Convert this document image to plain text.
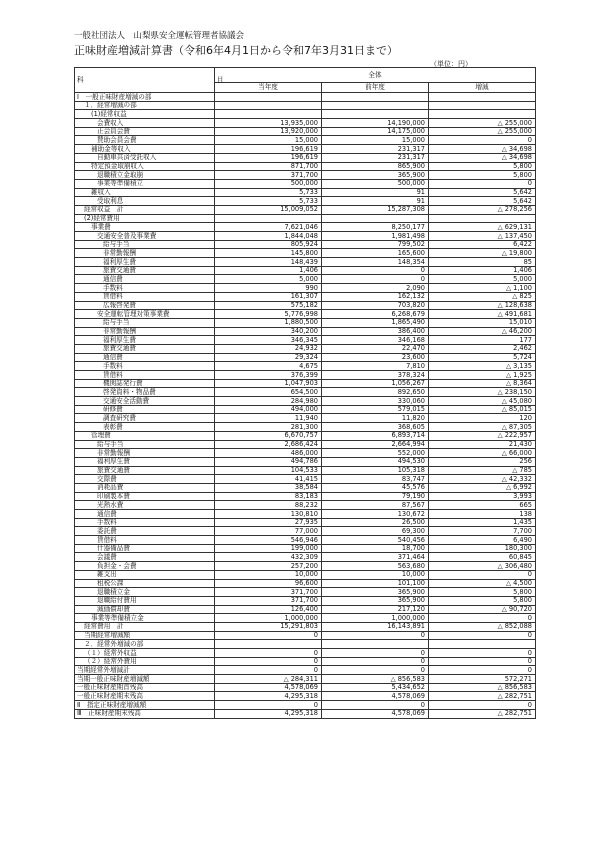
一般社団法人　山梨県安全運転管理者協議会
正味財産増減計算書（令和6年4月1日から令和7年3月31日まで）
（単位：円）
科　　目	全体		
	当年度	前年度	増減
Ⅰ　一般正味財産増減の部			
１．経常増減の部			
(1)経常収益			
会費収入	13,935,000	14,190,000	△ 255,000
正会員会費	13,920,000	14,175,000	△ 255,000
賛助会員会費	15,000	15,000	0
補助金等収入	196,619	231,317	△ 34,698
自動車共済受託収入	196,619	231,317	△ 34,698
特定預金取崩収入	871,700	865,900	5,800
退職積立金取崩	371,700	365,900	5,800
事業等準備積立	500,000	500,000	0
雑収入	5,733	91	5,642
受取利息	5,733	91	5,642
経常収益　計	15,009,052	15,287,308	△ 278,256
(2)経常費用			
事業費	7,621,046	8,250,177	△ 629,131
交通安全普及事業費	1,844,048	1,981,498	△ 137,450
給与手当	805,924	799,502	6,422
非常勤報酬	145,800	165,600	△ 19,800
福利厚生費	148,439	148,354	85
旅費交通費	1,406	0	1,406
通信費	5,000	0	5,000
手数料	990	2,090	△ 1,100
賃借料	161,307	162,132	△ 825
広報啓発費	575,182	703,820	△ 128,638
安全運転管理対策事業費	5,776,998	6,268,679	△ 491,681
給与手当	1,880,500	1,865,490	15,010
非常勤報酬	340,200	386,400	△ 46,200
福利厚生費	346,345	346,168	177
旅費交通費	24,932	22,470	2,462
通信費	29,324	23,600	5,724
手数料	4,675	7,810	△ 3,135
賃借料	376,399	378,324	△ 1,925
機関誌発行費	1,047,903	1,056,267	△ 8,364
啓発資料・物品費	654,500	892,650	△ 238,150
交通安全活動費	284,980	330,060	△ 45,080
研修費	494,000	579,015	△ 85,015
調査研究費	11,940	11,820	120
表彰費	281,300	368,605	△ 87,305
管理費	6,670,757	6,893,714	△ 222,957
給与手当	2,686,424	2,664,994	21,430
非常勤報酬	486,000	552,000	△ 66,000
福利厚生費	494,786	494,530	256
旅費交通費	104,533	105,318	△ 785
交際費	41,415	83,747	△ 42,332
消耗品費	38,584	45,576	△ 6,992
印刷製本費	83,183	79,190	3,993
光熱水費	88,232	87,567	665
通信費	130,810	130,672	138
手数料	27,935	26,500	1,435
委託費	77,000	69,300	7,700
賃借料	546,946	540,456	6,490
什器備品費	199,000	18,700	180,300
会議費	432,309	371,464	60,845
負担金・会費	257,200	563,680	△ 306,480
雑支出	10,000	10,000	0
租税公課	96,600	101,100	△ 4,500
退職積立金	371,700	365,900	5,800
退職給付費用	371,700	365,900	5,800
減価償却費	126,400	217,120	△ 90,720
事業等準備積立金	1,000,000	1,000,000	0
経常費用　計	15,291,803	16,143,891	△ 852,088
当期経常増減額	0	0	0
２．経常外増減の部			
（１）経常外収益	0	0	0
（２）経常外費用	0	0	0
当期経常外増減計	0	0	0
当期一般正味財産増減額	△ 284,311	△ 856,583	572,271
一般正味財産期首残高	4,578,069	5,434,652	△ 856,583
一般正味財産期末残高	4,295,318	4,578,069	△ 282,751
Ⅱ　指定正味財産増減額	0	0	0
Ⅲ　正味財産期末残高	4,295,318	4,578,069	△ 282,751
